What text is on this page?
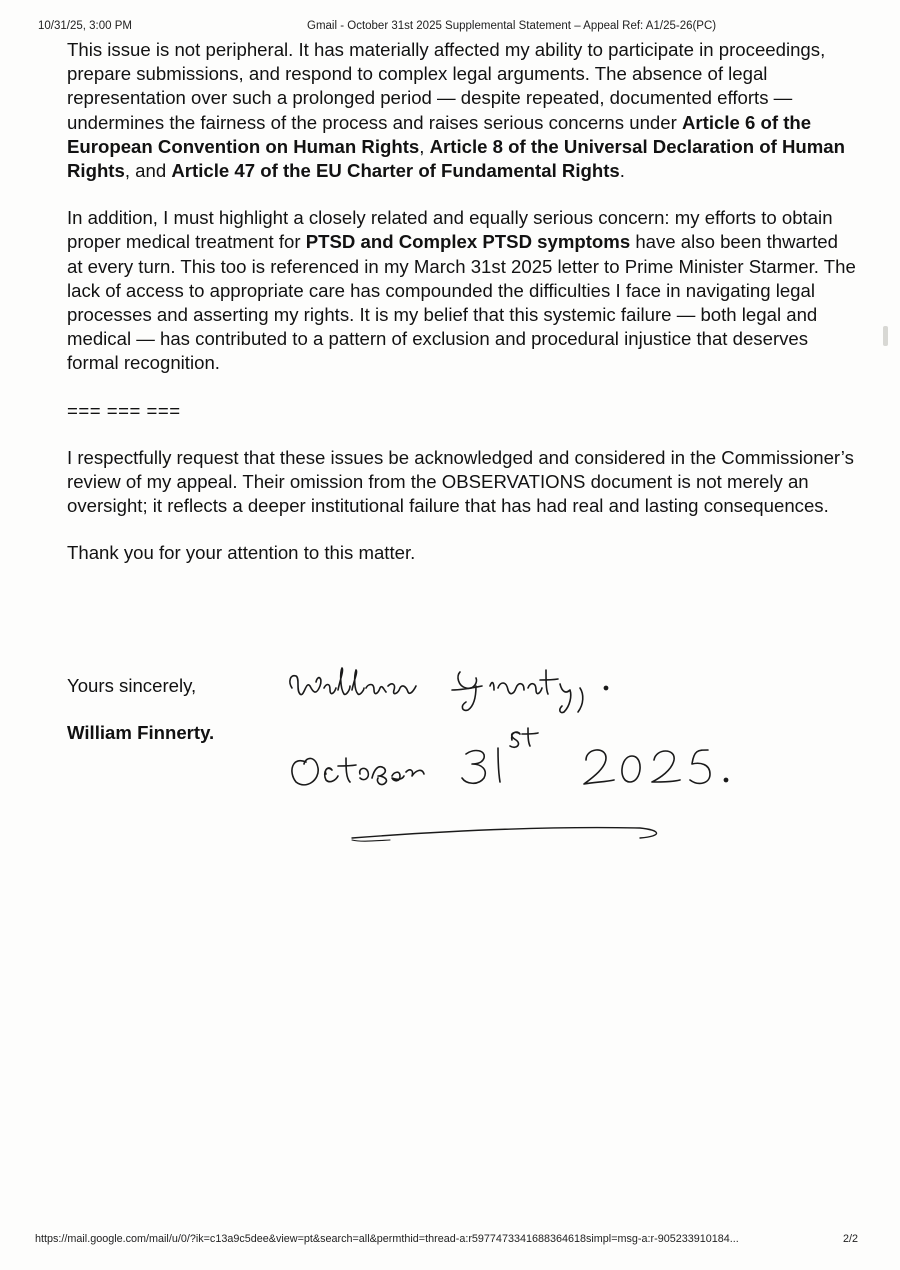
10/31/25, 3:00 PM	Gmail - October 31st 2025 Supplemental Statement – Appeal Ref: A1/25-26(PC)

This issue is not peripheral. It has materially affected my ability to participate in proceedings, prepare submissions, and respond to complex legal arguments. The absence of legal representation over such a prolonged period — despite repeated, documented efforts — undermines the fairness of the process and raises serious concerns under Article 6 of the European Convention on Human Rights, Article 8 of the Universal Declaration of Human Rights, and Article 47 of the EU Charter of Fundamental Rights.

In addition, I must highlight a closely related and equally serious concern: my efforts to obtain proper medical treatment for PTSD and Complex PTSD symptoms have also been thwarted at every turn. This too is referenced in my March 31st 2025 letter to Prime Minister Starmer. The lack of access to appropriate care has compounded the difficulties I face in navigating legal processes and asserting my rights. It is my belief that this systemic failure — both legal and medical — has contributed to a pattern of exclusion and procedural injustice that deserves formal recognition.

=== === ===

I respectfully request that these issues be acknowledged and considered in the Commissioner’s review of my appeal. Their omission from the OBSERVATIONS document is not merely an oversight; it reflects a deeper institutional failure that has had real and lasting consequences.

Thank you for your attention to this matter.

Yours sincerely,
William Finnerty.
https://mail.google.com/mail/u/0/?ik=c13a9c5dee&view=pt&search=all&permthid=thread-a:r5977473341688364618simpl=msg-a:r-905233910184...	2/2
